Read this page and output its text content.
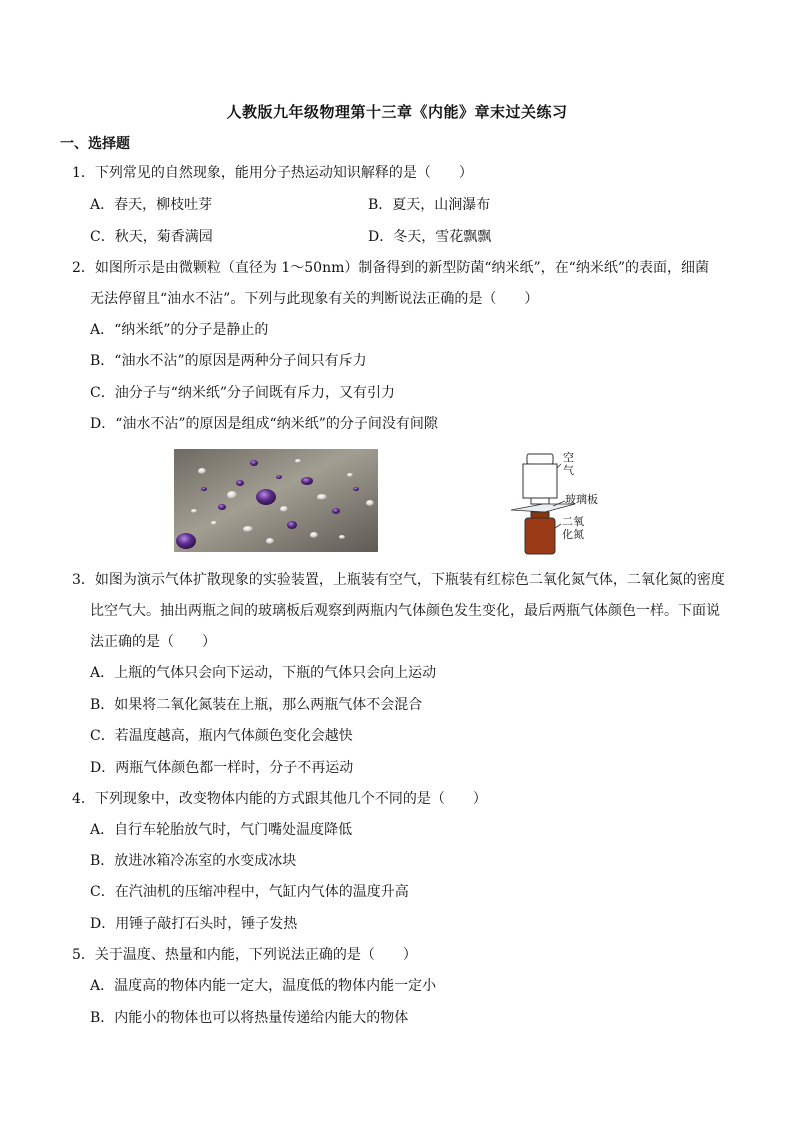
人教版九年级物理第十三章《内能》章末过关练习
一、选择题
1．下列常见的自然现象，能用分子热运动知识解释的是（　　）
A．春天，柳枝吐芽	B．夏天，山涧瀑布
C．秋天，菊香满园	D．冬天，雪花飘飘
2．如图所示是由微颗粒（直径为 1～50nm）制备得到的新型防菌“纳米纸”，在“纳米纸”的表面，细菌
无法停留且“油水不沾”。下列与此现象有关的判断说法正确的是（　　）
A．“纳米纸”的分子是静止的
B．“油水不沾”的原因是两种分子间只有斥力
C．油分子与“纳米纸”分子间既有斥力，又有引力
D．“油水不沾”的原因是组成“纳米纸”的分子间没有间隙
空
气
玻璃板
二氧
化氮
3．如图为演示气体扩散现象的实验装置，上瓶装有空气，下瓶装有红棕色二氧化氮气体，二氧化氮的密度
比空气大。抽出两瓶之间的玻璃板后观察到两瓶内气体颜色发生变化，最后两瓶气体颜色一样。下面说
法正确的是（　　）
A．上瓶的气体只会向下运动，下瓶的气体只会向上运动
B．如果将二氧化氮装在上瓶，那么两瓶气体不会混合
C．若温度越高，瓶内气体颜色变化会越快
D．两瓶气体颜色都一样时，分子不再运动
4．下列现象中，改变物体内能的方式跟其他几个不同的是（　　）
A．自行车轮胎放气时，气门嘴处温度降低
B．放进冰箱冷冻室的水变成冰块
C．在汽油机的压缩冲程中，气缸内气体的温度升高
D．用锤子敲打石头时，锤子发热
5．关于温度、热量和内能，下列说法正确的是（　　）
A．温度高的物体内能一定大，温度低的物体内能一定小
B．内能小的物体也可以将热量传递给内能大的物体
